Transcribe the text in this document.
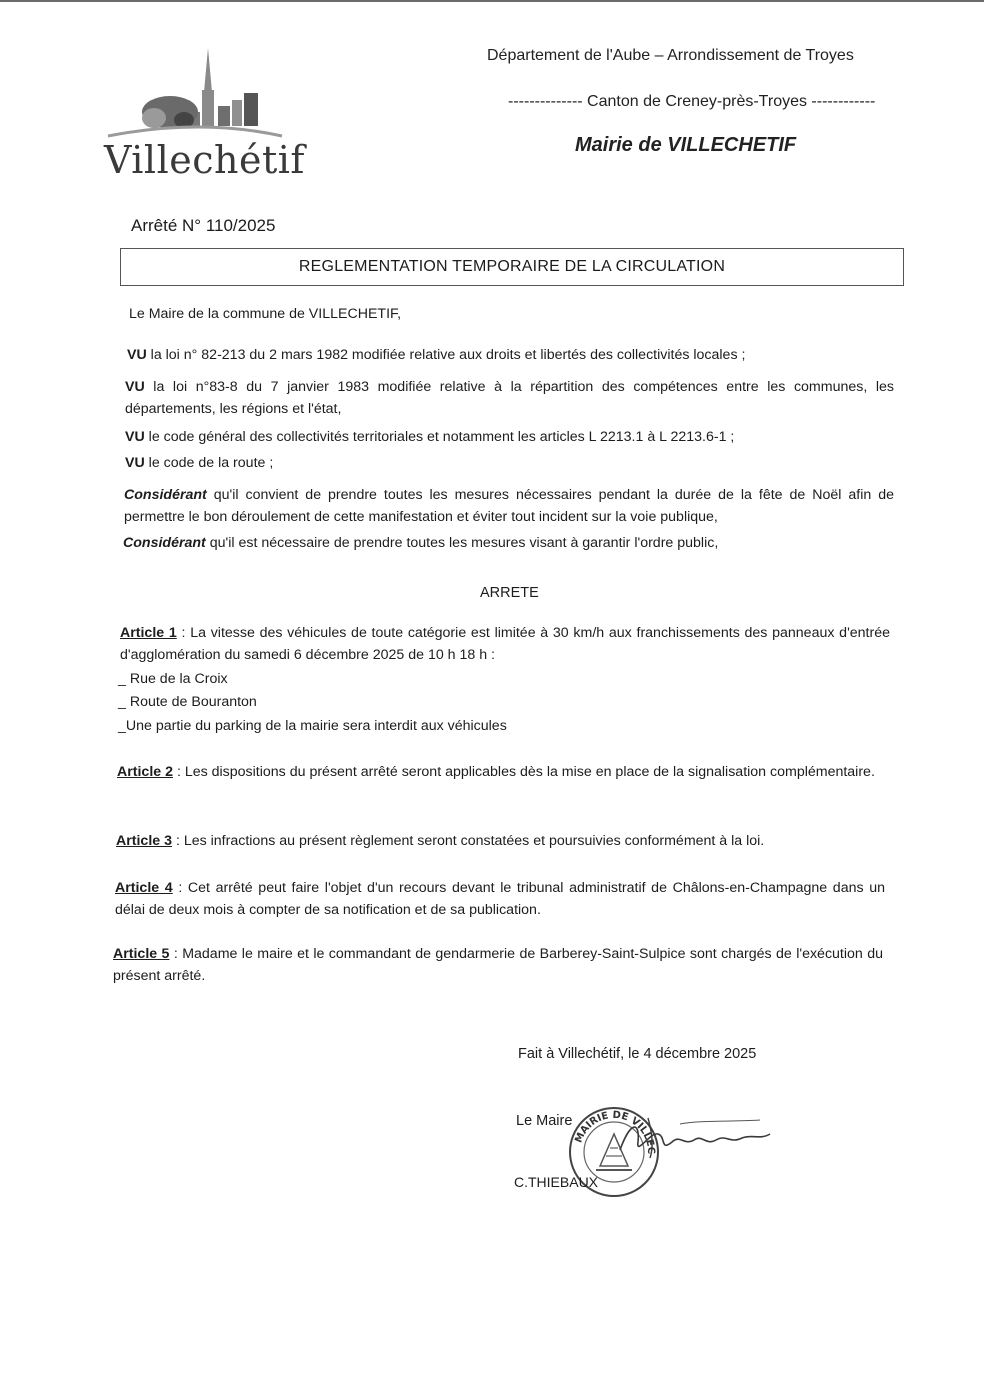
Villechétif
Département de l'Aube – Arrondissement de Troyes
-------------- Canton de Creney-près-Troyes ------------
Mairie de VILLECHETIF
Arrêté N° 110/2025
REGLEMENTATION TEMPORAIRE DE LA CIRCULATION
Le Maire de la commune de VILLECHETIF,
VU la loi n° 82-213 du 2 mars 1982 modifiée relative aux droits et libertés des collectivités locales ;
VU la loi n°83-8 du 7 janvier 1983 modifiée relative à la répartition des compétences entre les communes, les départements, les régions et l'état,
VU le code général des collectivités territoriales et notamment les articles L 2213.1 à L 2213.6-1 ;
VU le code de la route ;
Considérant qu'il convient de prendre toutes les mesures nécessaires pendant la durée de la fête de Noël afin de permettre le bon déroulement de cette manifestation et éviter tout incident sur la voie publique,
Considérant qu'il est nécessaire de prendre toutes les mesures visant à garantir l'ordre public,
ARRETE
Article 1 : La vitesse des véhicules de toute catégorie est limitée à 30 km/h aux franchissements des panneaux d'entrée d'agglomération du samedi 6 décembre 2025 de 10 h 18 h :
_ Rue de la Croix
_ Route de Bouranton
_Une partie du parking de la mairie sera interdit aux véhicules
Article 2 : Les dispositions du présent arrêté seront applicables dès la mise en place de la signalisation complémentaire.
Article 3 : Les infractions au présent règlement seront constatées et poursuivies conformément à la loi.
Article 4 : Cet arrêté peut faire l'objet d'un recours devant le tribunal administratif de Châlons-en-Champagne dans un délai de deux mois à compter de sa notification et de sa publication.
Article 5 : Madame le maire et le commandant de gendarmerie de Barberey-Saint-Sulpice sont chargés de l'exécution du présent arrêté.
Fait à Villechétif, le 4 décembre 2025
Le Maire
MAIRIE DE VILLEC
C.THIEBAUX
